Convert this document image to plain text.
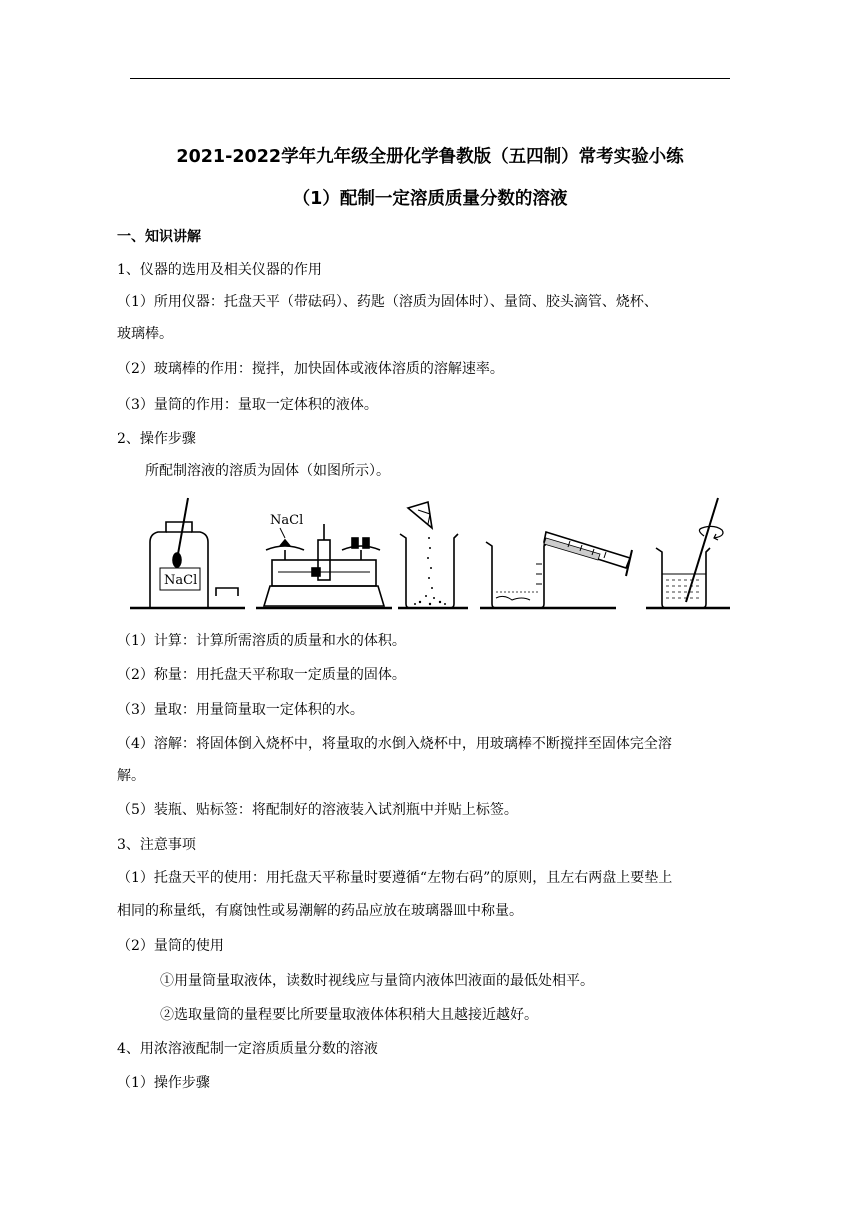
2021-2022学年九年级全册化学鲁教版（五四制）常考实验小练
（1）配制一定溶质质量分数的溶液
一、知识讲解
1、仪器的选用及相关仪器的作用
（1）所用仪器：托盘天平（带砝码）、药匙（溶质为固体时）、量筒、胶头滴管、烧杯、
玻璃棒。
（2）玻璃棒的作用：搅拌，加快固体或液体溶质的溶解速率。
（3）量筒的作用：量取一定体积的液体。
2、操作步骤
所配制溶液的溶质为固体（如图所示）。
NaCl
NaCl
（1）计算：计算所需溶质的质量和水的体积。
（2）称量：用托盘天平称取一定质量的固体。
（3）量取：用量筒量取一定体积的水。
（4）溶解：将固体倒入烧杯中，将量取的水倒入烧杯中，用玻璃棒不断搅拌至固体完全溶
解。
（5）装瓶、贴标签：将配制好的溶液装入试剂瓶中并贴上标签。
3、注意事项
（1）托盘天平的使用：用托盘天平称量时要遵循“左物右码”的原则，且左右两盘上要垫上
相同的称量纸，有腐蚀性或易潮解的药品应放在玻璃器皿中称量。
（2）量筒的使用
①用量筒量取液体，读数时视线应与量筒内液体凹液面的最低处相平。
②选取量筒的量程要比所要量取液体体积稍大且越接近越好。
4、用浓溶液配制一定溶质质量分数的溶液
（1）操作步骤
